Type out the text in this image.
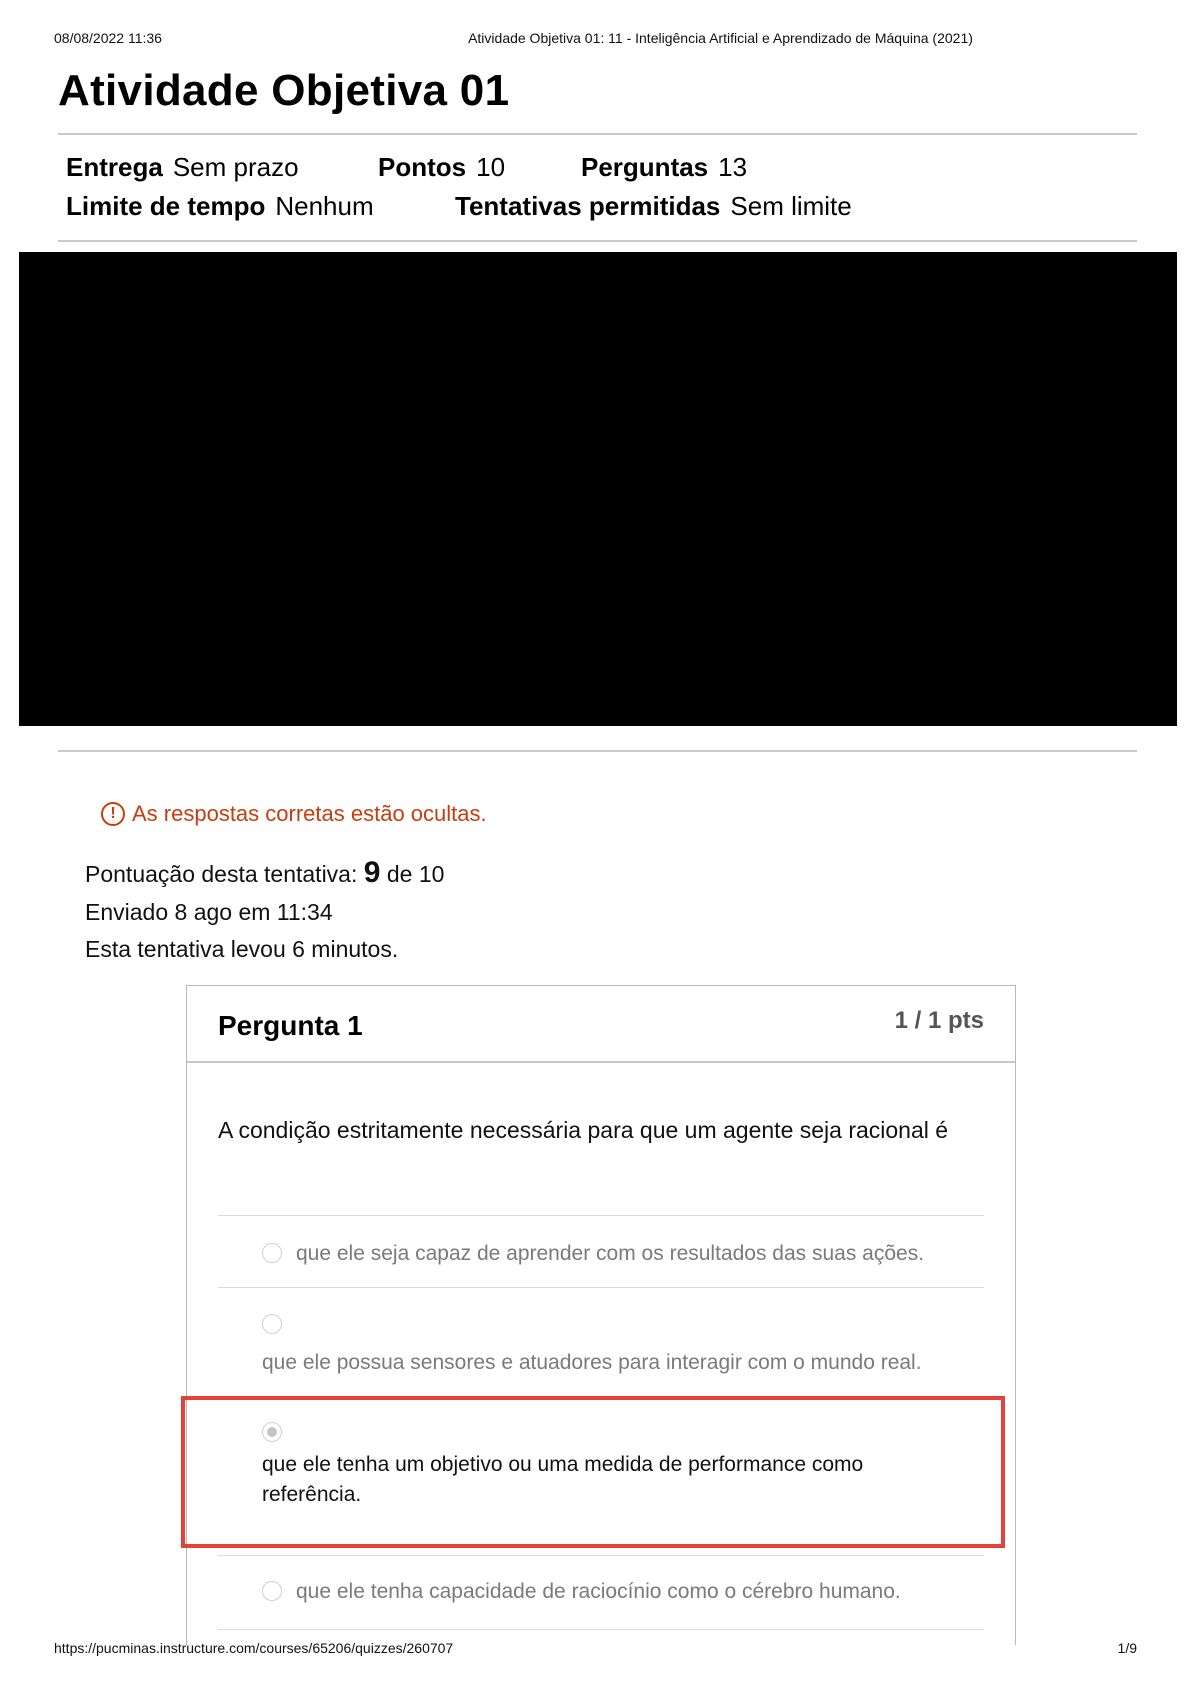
08/08/2022 11:36	Atividade Objetiva 01: 11 - Inteligência Artificial e Aprendizado de Máquina (2021)
Atividade Objetiva 01
Entrega Sem prazo	Pontos 10	Perguntas 13
Limite de tempo Nenhum	Tentativas permitidas Sem limite
! As respostas corretas estão ocultas.
Pontuação desta tentativa: 9 de 10
Enviado 8 ago em 11:34
Esta tentativa levou 6 minutos.
Pergunta 1	1 / 1 pts
A condição estritamente necessária para que um agente seja racional é
que ele seja capaz de aprender com os resultados das suas ações.
que ele possua sensores e atuadores para interagir com o mundo real.
que ele tenha um objetivo ou uma medida de performance como referência.
que ele tenha capacidade de raciocínio como o cérebro humano.
https://pucminas.instructure.com/courses/65206/quizzes/260707	1/9
